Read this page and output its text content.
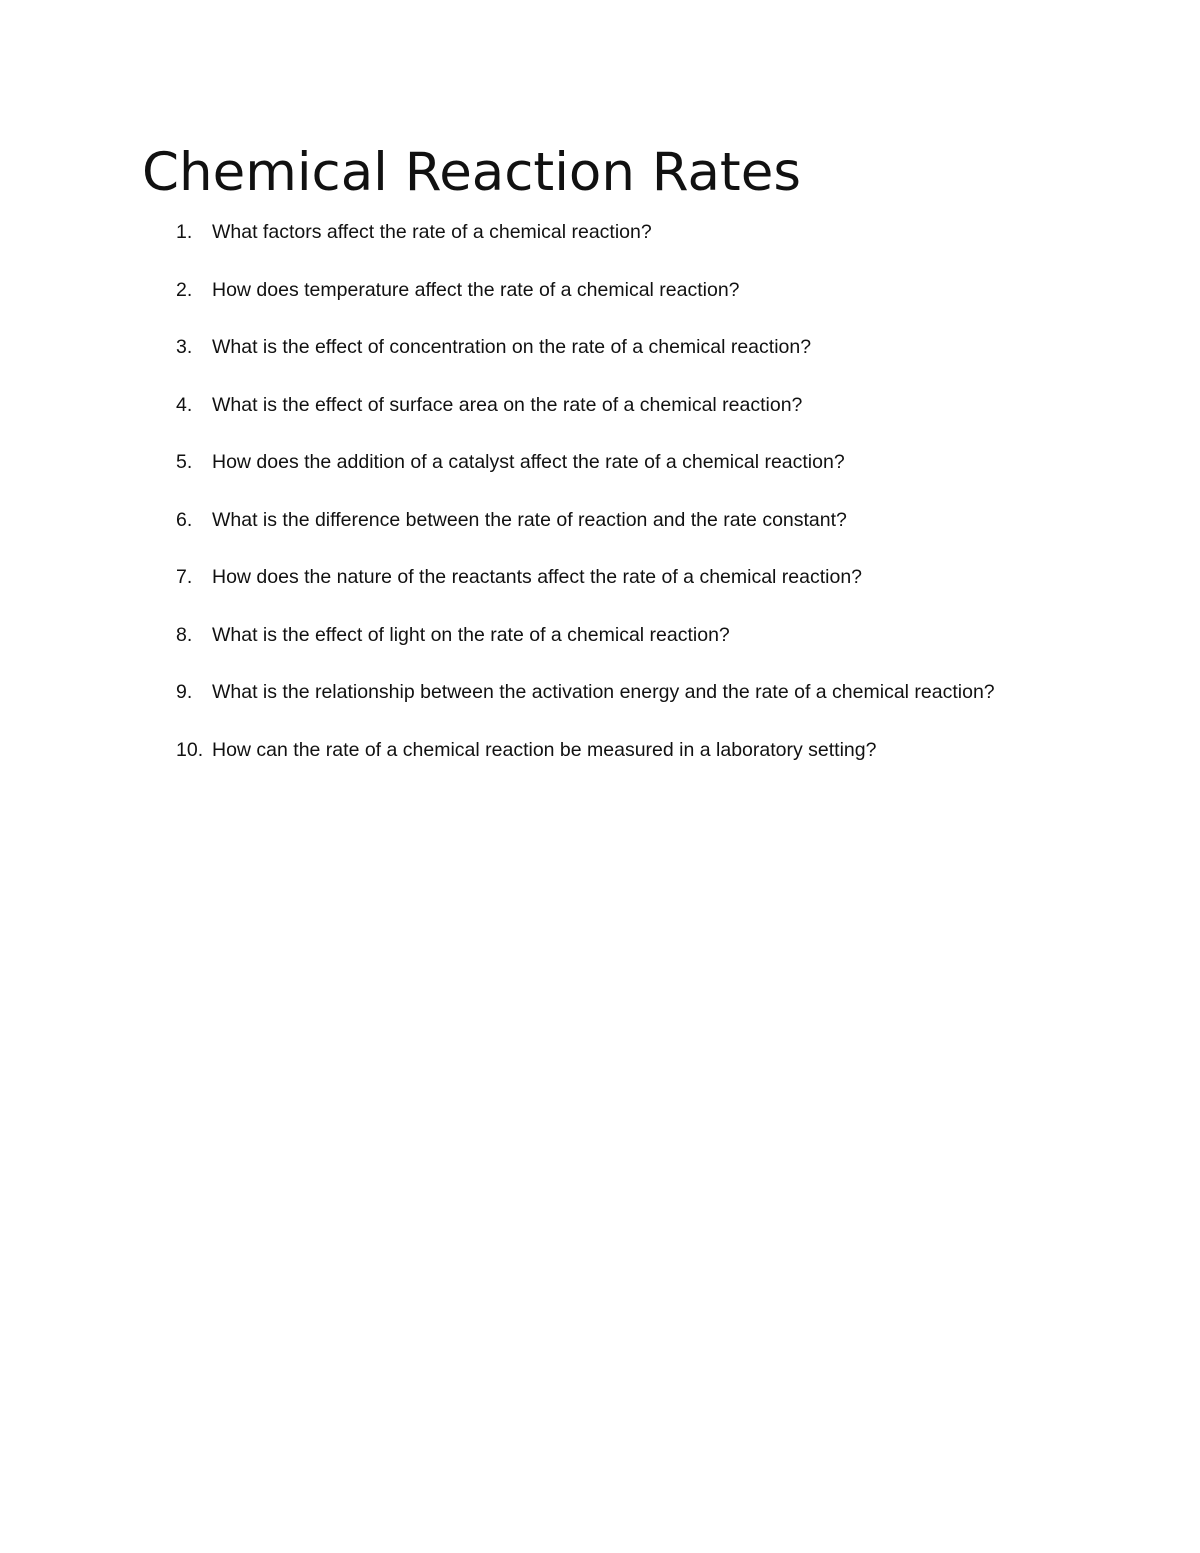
Chemical Reaction Rates
1.	What factors affect the rate of a chemical reaction?
2.	How does temperature affect the rate of a chemical reaction?
3.	What is the effect of concentration on the rate of a chemical reaction?
4.	What is the effect of surface area on the rate of a chemical reaction?
5.	How does the addition of a catalyst affect the rate of a chemical reaction?
6.	What is the difference between the rate of reaction and the rate constant?
7.	How does the nature of the reactants affect the rate of a chemical reaction?
8.	What is the effect of light on the rate of a chemical reaction?
9.	What is the relationship between the activation energy and the rate of a chemical reaction?
10. How can the rate of a chemical reaction be measured in a laboratory setting?
